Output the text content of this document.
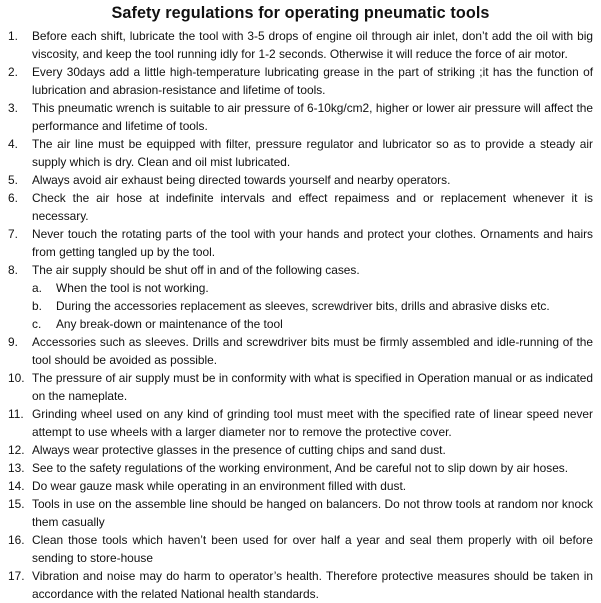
Safety regulations for operating pneumatic tools
1.	Before each shift, lubricate the tool with 3-5 drops of engine oil through air inlet, don’t add the oil with big viscosity, and keep the tool running idly for 1-2 seconds. Otherwise it will reduce the force of air motor.
2.	Every 30days add a little high-temperature lubricating grease in the part of striking ;it has the function of lubrication and abrasion-resistance and lifetime of tools.
3.	This pneumatic wrench is suitable to air pressure of 6-10kg/cm2, higher or lower air pressure will affect the performance and lifetime of tools.
4.	The air line must be equipped with filter, pressure regulator and lubricator so as to provide a steady air supply which is dry. Clean and oil mist lubricated.
5.	Always avoid air exhaust being directed towards yourself and nearby operators.
6.	Check the air hose at indefinite intervals and effect repaimess and or replacement whenever it is necessary.
7.	Never touch the rotating parts of the tool with your hands and protect your clothes. Ornaments and hairs from getting tangled up by the tool.
8.	The air supply should be shut off in and of the following cases.
a.	When the tool is not working.
b.	During the accessories replacement as sleeves, screwdriver bits, drills and abrasive disks etc.
c.	Any break-down or maintenance of the tool
9.	Accessories such as sleeves. Drills and screwdriver bits must be firmly assembled and idle-running of the tool should be avoided as possible.
10. The pressure of air supply must be in conformity with what is specified in Operation manual or as indicated on the nameplate.
11. Grinding wheel used on any kind of grinding tool must meet with the specified rate of linear speed never attempt to use wheels with a larger diameter nor to remove the protective cover.
12. Always wear protective glasses in the presence of cutting chips and sand dust.
13. See to the safety regulations of the working environment, And be careful not to slip down by air hoses.
14. Do wear gauze mask while operating in an environment filled with dust.
15. Tools in use on the assemble line should be hanged on balancers. Do not throw tools at random nor knock them casually
16. Clean those tools which haven’t been used for over half a year and seal them properly with oil before sending to store-house
17. Vibration and noise may do harm to operator’s health. Therefore protective measures should be taken in accordance with the related National health standards.
